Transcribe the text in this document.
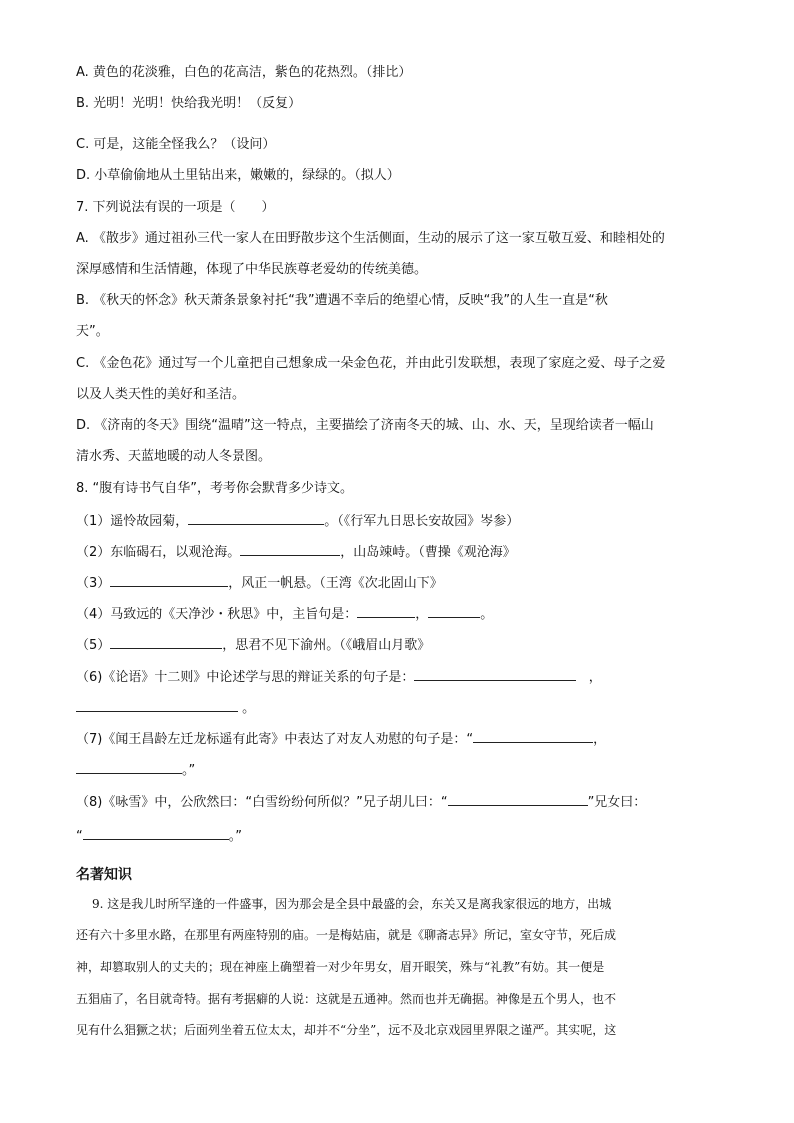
A. 黄色的花淡雅，白色的花高洁，紫色的花热烈。（排比）
B. 光明！光明！快给我光明！（反复）
C. 可是，这能全怪我么？（设问）
D. 小草偷偷地从土里钻出来，嫩嫩的，绿绿的。（拟人）
7. 下列说法有误的一项是（　　）
A. 《散步》通过祖孙三代一家人在田野散步这个生活侧面，生动的展示了这一家互敬互爱、和睦相处的
深厚感情和生活情趣，体现了中华民族尊老爱幼的传统美德。
B. 《秋天的怀念》秋天萧条景象衬托“我”遭遇不幸后的绝望心情，反映“我”的人生一直是“秋
天”。
C. 《金色花》通过写一个儿童把自己想象成一朵金色花，并由此引发联想，表现了家庭之爱、母子之爱
以及人类天性的美好和圣洁。
D. 《济南的冬天》围绕“温晴”这一特点，主要描绘了济南冬天的城、山、水、天，呈现给读者一幅山
清水秀、天蓝地暖的动人冬景图。
8. “腹有诗书气自华”，考考你会默背多少诗文。
（1）遥怜故园菊，	。（《行军九日思长安故园》岑参）
（2）东临碣石，以观沧海。	，山岛竦峙。（曹操《观沧海》
（3）	，风正一帆悬。（王湾《次北固山下》
（4）马致远的《天净沙・秋思》中，主旨句是：	，	。
（5）	，思君不见下渝州。（《峨眉山月歌》
（6)《论语》十二则》中论述学与思的辩证关系的句子是：	，
。
（7)《闻王昌龄左迁龙标遥有此寄》中表达了对友人劝慰的句子是：“	，
。”
（8)《咏雪》中，公欣然曰：“白雪纷纷何所似？”兄子胡儿曰：“	”兄女曰：
“	。”
名著知识
9. 这是我儿时所罕逢的一件盛事，因为那会是全县中最盛的会，东关又是离我家很远的地方，出城
还有六十多里水路，在那里有两座特别的庙。一是梅姑庙，就是《聊斋志异》所记，室女守节，死后成
神，却篡取别人的丈夫的；现在神座上确塑着一对少年男女，眉开眼笑，殊与“礼教”有妨。其一便是
五猖庙了，名目就奇特。据有考据癖的人说：这就是五通神。然而也并无确据。神像是五个男人，也不
见有什么猖獗之状；后面列坐着五位太太，却并不“分坐”，远不及北京戏园里界限之谨严。其实呢，这
